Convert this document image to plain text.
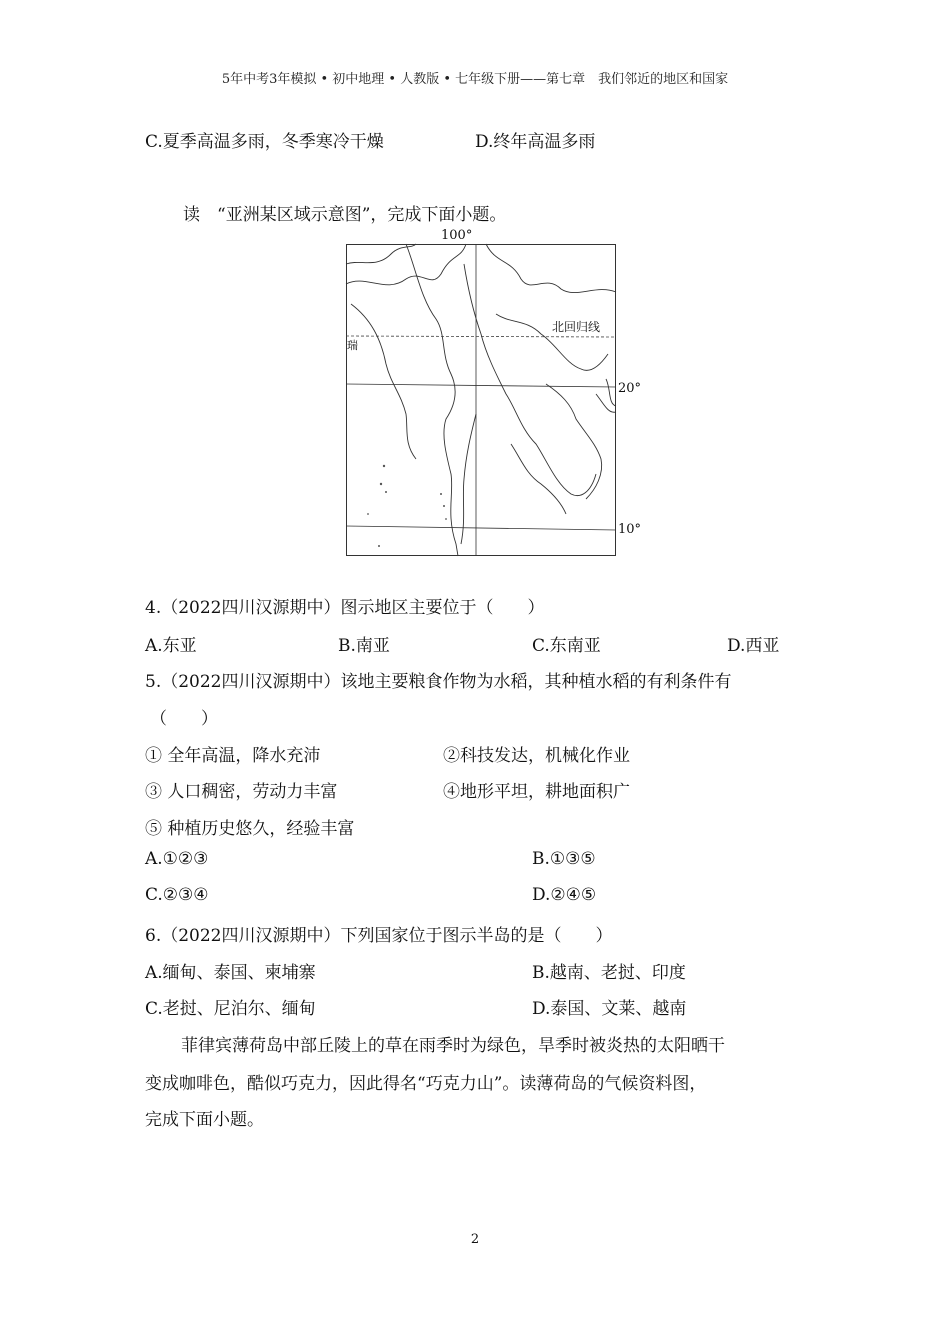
5年中考3年模拟 • 初中地理 • 人教版 • 七年级下册——第七章　我们邻近的地区和国家
C.夏季高温多雨，冬季寒冷干燥	D.终年高温多雨
读　“亚洲某区域示意图”，完成下面小题。
100°
北回归线
20°
10°
瑞
4.（2022四川汉源期中）图示地区主要位于（　　）
A.东亚	B.南亚	C.东南亚	D.西亚
5.（2022四川汉源期中）该地主要粮食作物为水稻，其种植水稻的有利条件有
（　　）
① 全年高温，降水充沛	②科技发达，机械化作业
③ 人口稠密，劳动力丰富	④地形平坦，耕地面积广
⑤ 种植历史悠久，经验丰富
A.①②③	B.①③⑤
C.②③④	D.②④⑤
6.（2022四川汉源期中）下列国家位于图示半岛的是（　　）
A.缅甸、泰国、柬埔寨	B.越南、老挝、印度
C.老挝、尼泊尔、缅甸	D.泰国、文莱、越南
菲律宾薄荷岛中部丘陵上的草在雨季时为绿色，旱季时被炎热的太阳晒干
变成咖啡色，酷似巧克力，因此得名“巧克力山”。读薄荷岛的气候资料图，
完成下面小题。
2
